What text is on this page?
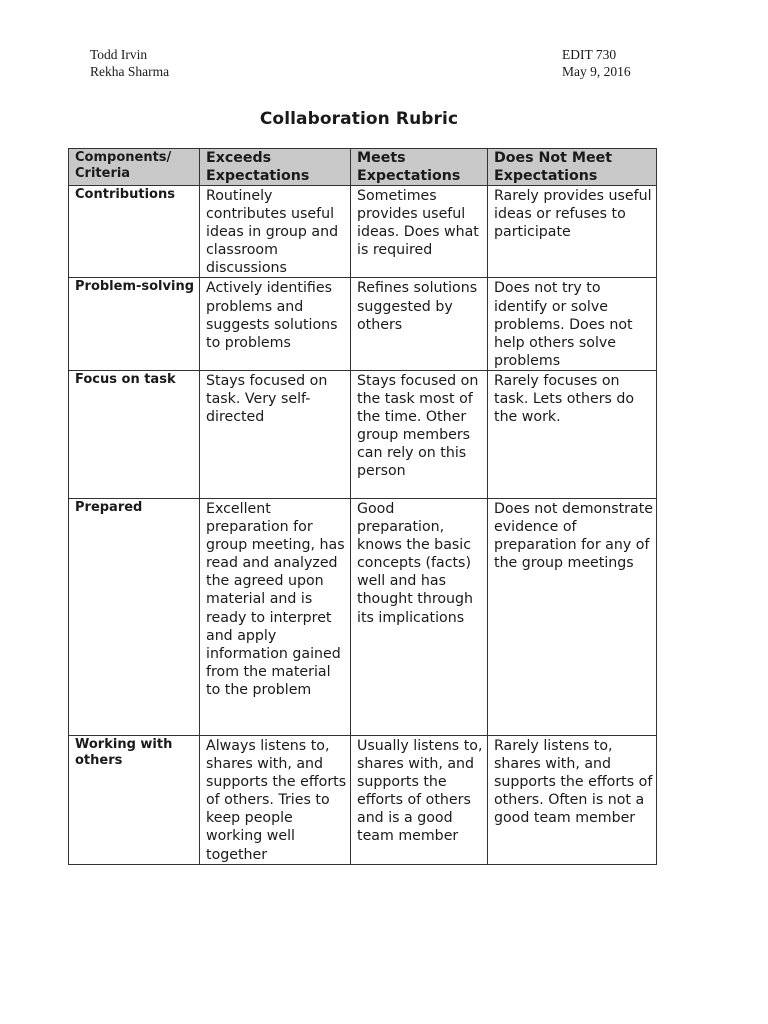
Todd Irvin
Rekha Sharma
EDIT 730
May 9, 2016
Collaboration Rubric
Components/ Criteria	Exceeds Expectations	Meets Expectations	Does Not Meet Expectations
Contributions	Routinely contributes useful ideas in group and classroom discussions	Sometimes provides useful ideas. Does what is required	Rarely provides useful ideas or refuses to participate
Problem-solving	Actively identifies problems and suggests solutions to problems	Refines solutions suggested by others	Does not try to identify or solve problems. Does not help others solve problems
Focus on task	Stays focused on task. Very self-directed	Stays focused on the task most of the time. Other group members can rely on this person	Rarely focuses on task. Lets others do the work.
Prepared	Excellent preparation for group meeting, has read and analyzed the agreed upon material and is ready to interpret and apply information gained from the material to the problem	Good preparation, knows the basic concepts (facts) well and has thought through its implications	Does not demonstrate evidence of preparation for any of the group meetings
Working with others	Always listens to, shares with, and supports the efforts of others. Tries to keep people working well together	Usually listens to, shares with, and supports the efforts of others and is a good team member	Rarely listens to, shares with, and supports the efforts of others. Often is not a good team member
